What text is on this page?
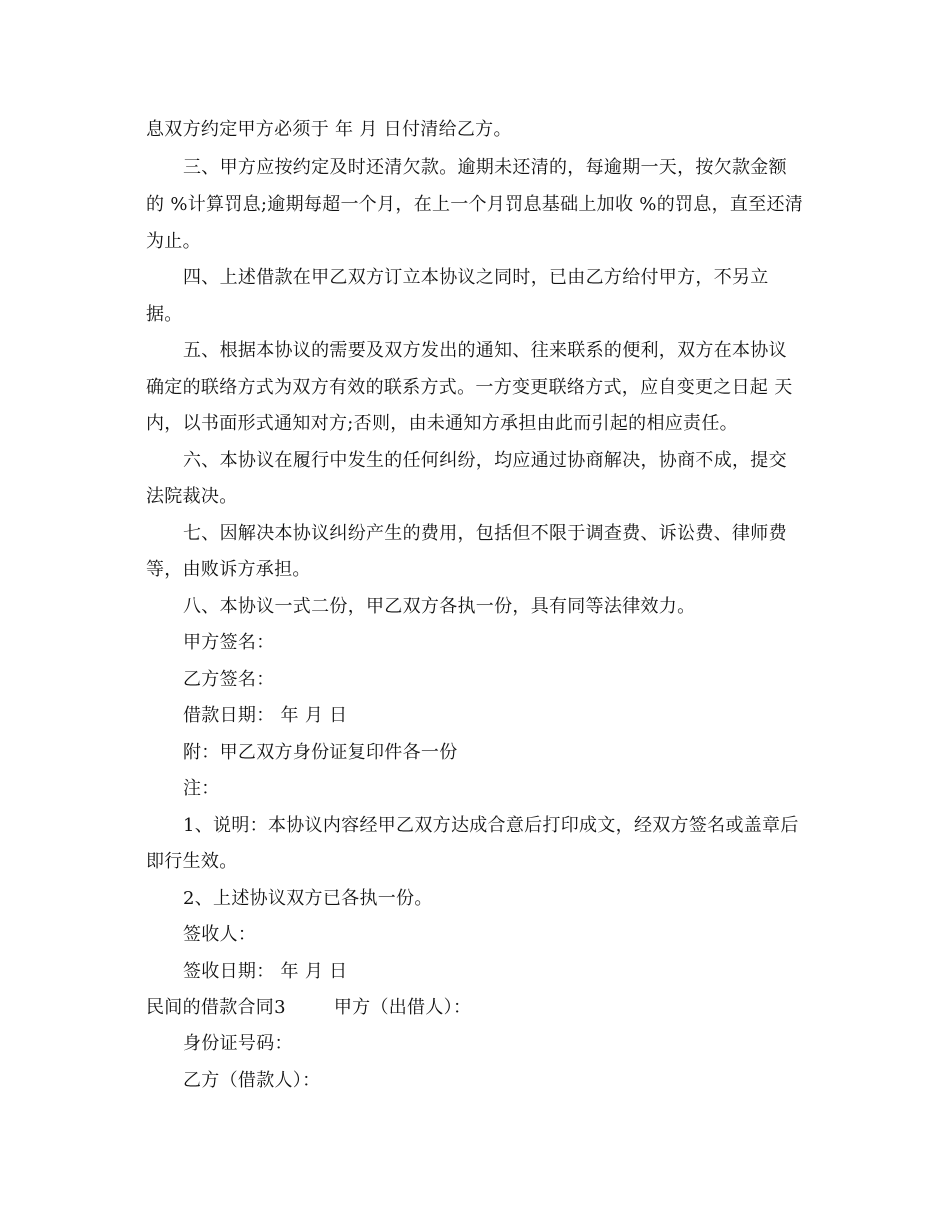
息双方约定甲方必须于 年 月 日付清给乙方。
三、甲方应按约定及时还清欠款。逾期未还清的，每逾期一天，按欠款金额
的 %计算罚息;逾期每超一个月，在上一个月罚息基础上加收 %的罚息，直至还清
为止。
四、上述借款在甲乙双方订立本协议之同时，已由乙方给付甲方，不另立
据。
五、根据本协议的需要及双方发出的通知、往来联系的便利，双方在本协议
确定的联络方式为双方有效的联系方式。一方变更联络方式，应自变更之日起 天
内，以书面形式通知对方;否则，由未通知方承担由此而引起的相应责任。
六、本协议在履行中发生的任何纠纷，均应通过协商解决，协商不成，提交
法院裁决。
七、因解决本协议纠纷产生的费用，包括但不限于调查费、诉讼费、律师费
等，由败诉方承担。
八、本协议一式二份，甲乙双方各执一份，具有同等法律效力。
甲方签名：
乙方签名：
借款日期： 年 月 日
附：甲乙双方身份证复印件各一份
注：
1、说明：本协议内容经甲乙双方达成合意后打印成文，经双方签名或盖章后
即行生效。
2、上述协议双方已各执一份。
签收人：
签收日期： 年 月 日
民间的借款合同3	甲方（出借人）：
身份证号码：
乙方（借款人）：
